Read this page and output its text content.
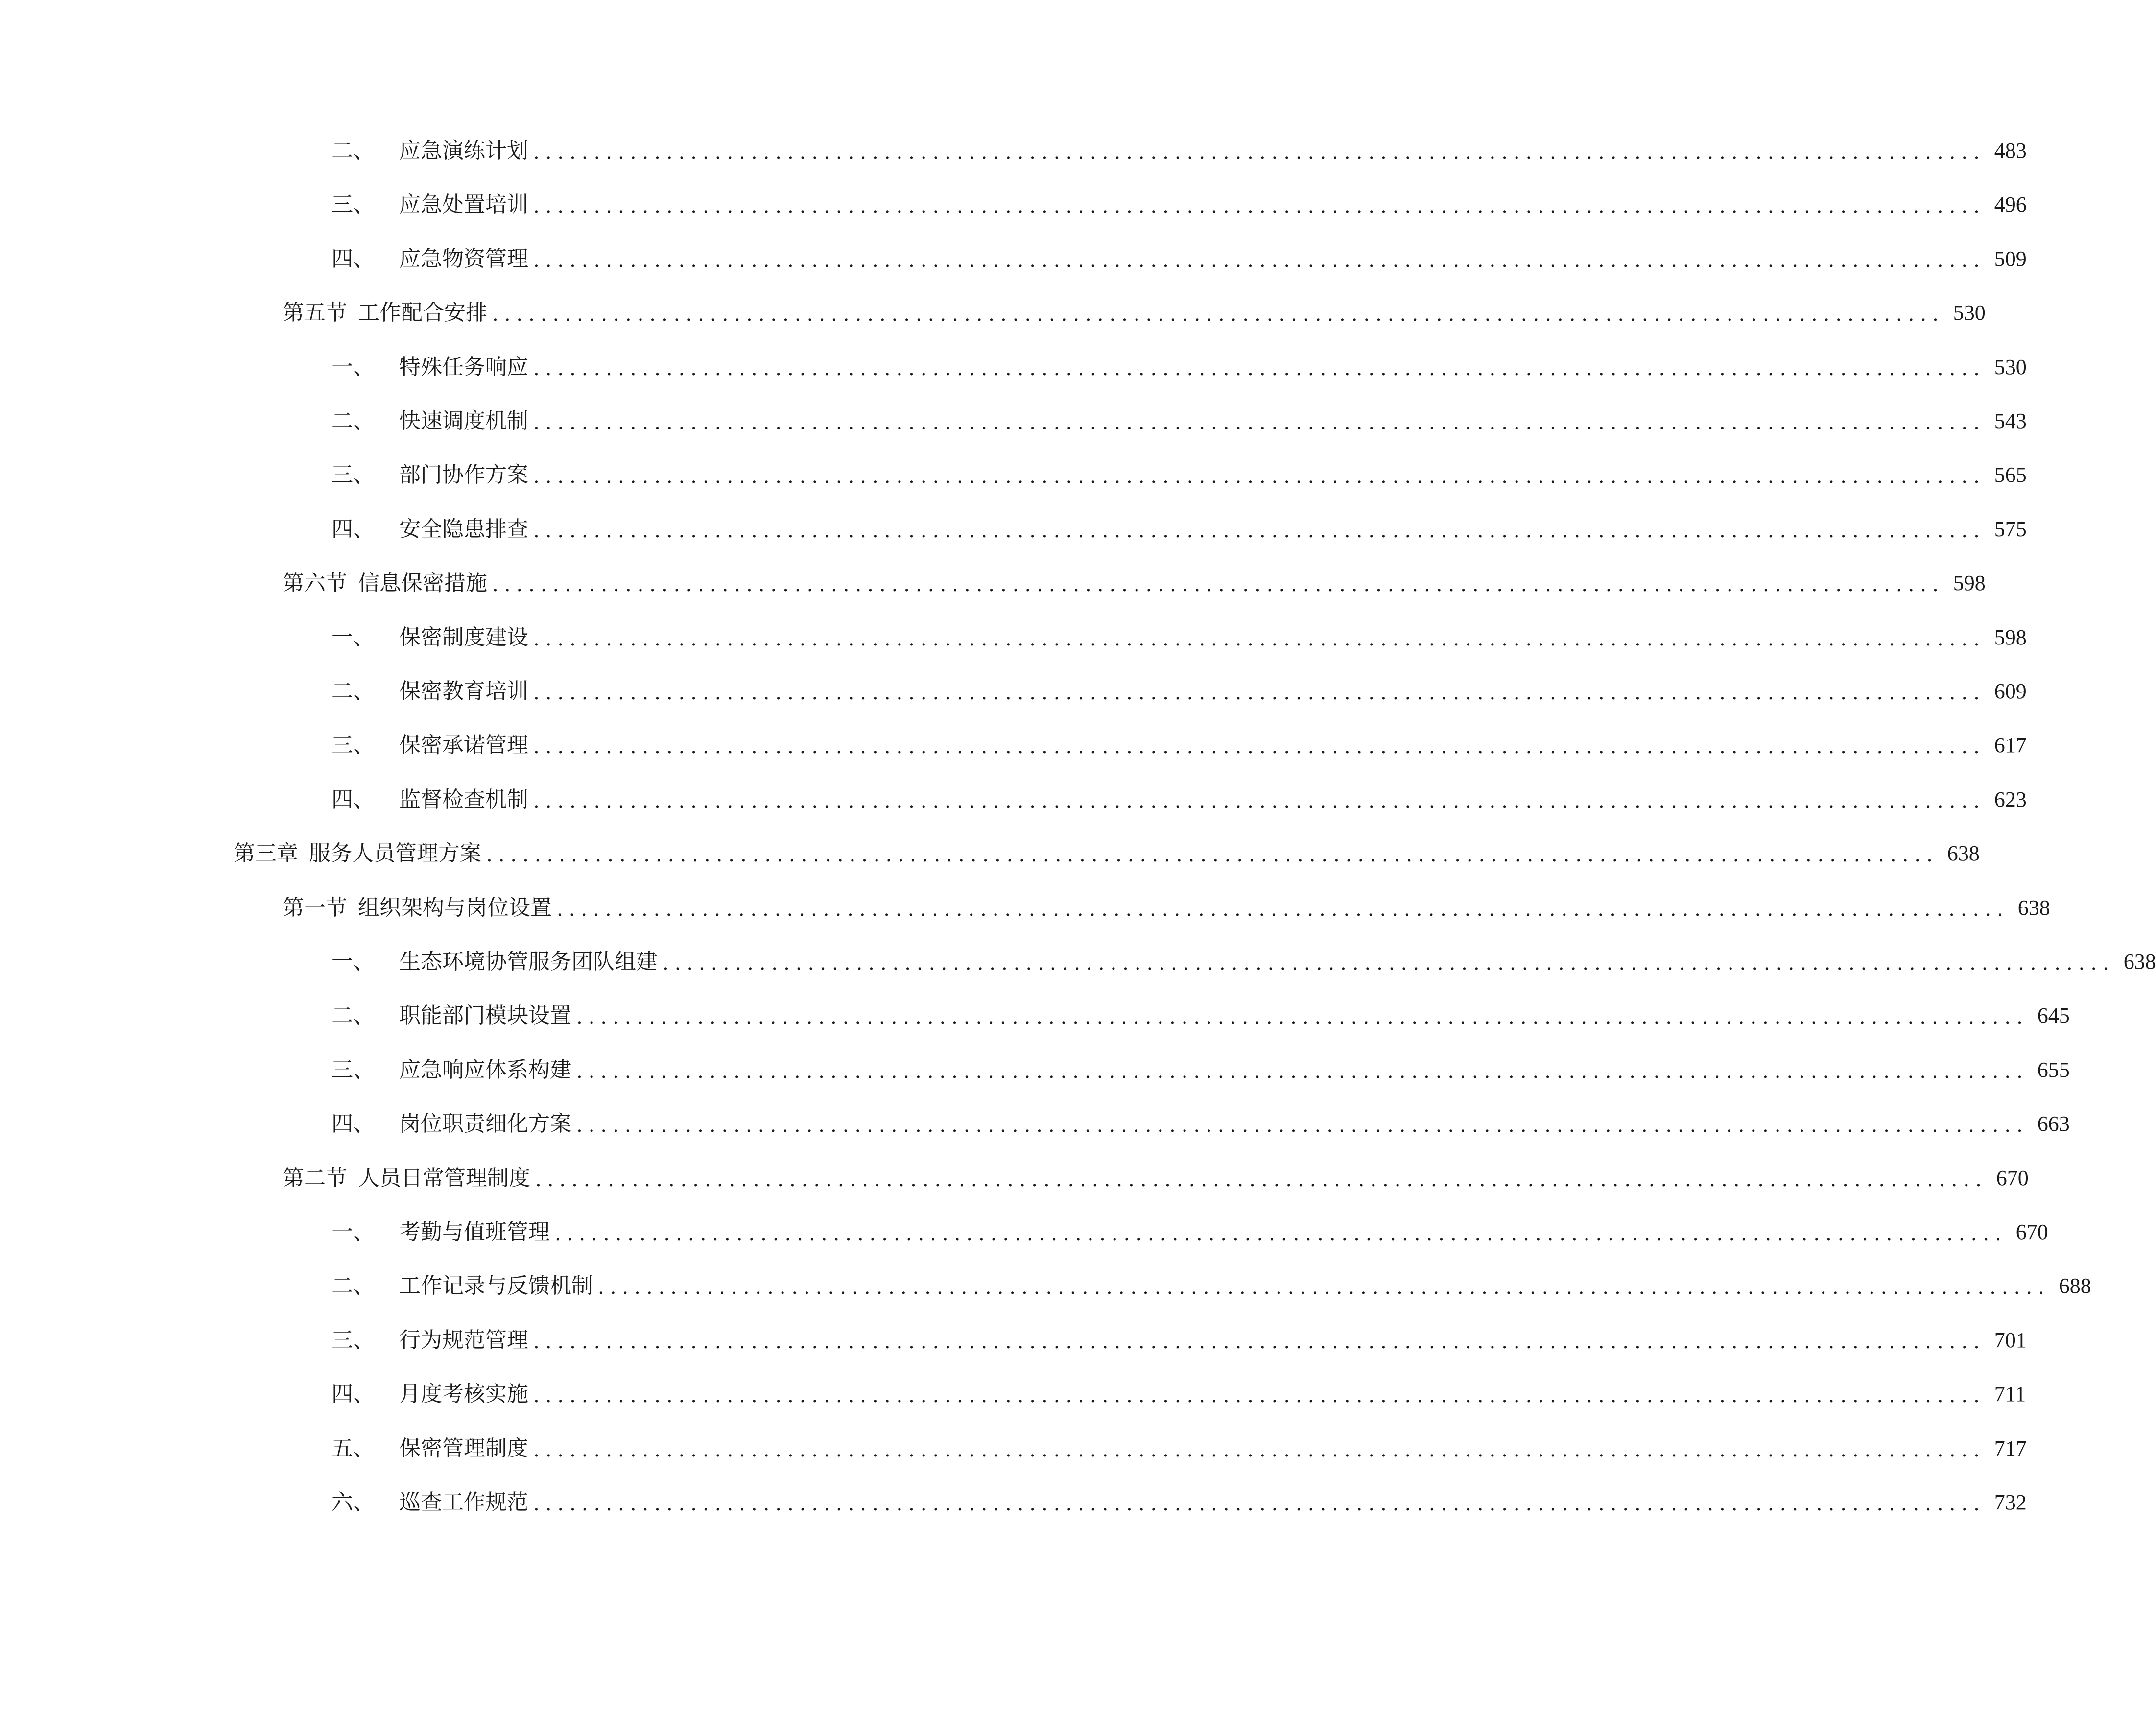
二、 应急演练计划 ........................................................................................................................ 483
三、 应急处置培训 ........................................................................................................................ 496
四、 应急物资管理 ........................................................................................................................ 509
第五节 工作配合安排 ........................................................................................................................ 530
一、 特殊任务响应 ........................................................................................................................ 530
二、 快速调度机制 ........................................................................................................................ 543
三、 部门协作方案 ........................................................................................................................ 565
四、 安全隐患排查 ........................................................................................................................ 575
第六节 信息保密措施 ........................................................................................................................ 598
一、 保密制度建设 ........................................................................................................................ 598
二、 保密教育培训 ........................................................................................................................ 609
三、 保密承诺管理 ........................................................................................................................ 617
四、 监督检查机制 ........................................................................................................................ 623
第三章 服务人员管理方案 ........................................................................................................................ 638
第一节 组织架构与岗位设置 ........................................................................................................................ 638
一、 生态环境协管服务团队组建 ........................................................................................................................ 638
二、 职能部门模块设置 ........................................................................................................................ 645
三、 应急响应体系构建 ........................................................................................................................ 655
四、 岗位职责细化方案 ........................................................................................................................ 663
第二节 人员日常管理制度 ........................................................................................................................ 670
一、 考勤与值班管理 ........................................................................................................................ 670
二、 工作记录与反馈机制 ........................................................................................................................ 688
三、 行为规范管理 ........................................................................................................................ 701
四、 月度考核实施 ........................................................................................................................ 711
五、 保密管理制度 ........................................................................................................................ 717
六、 巡查工作规范 ........................................................................................................................ 732
